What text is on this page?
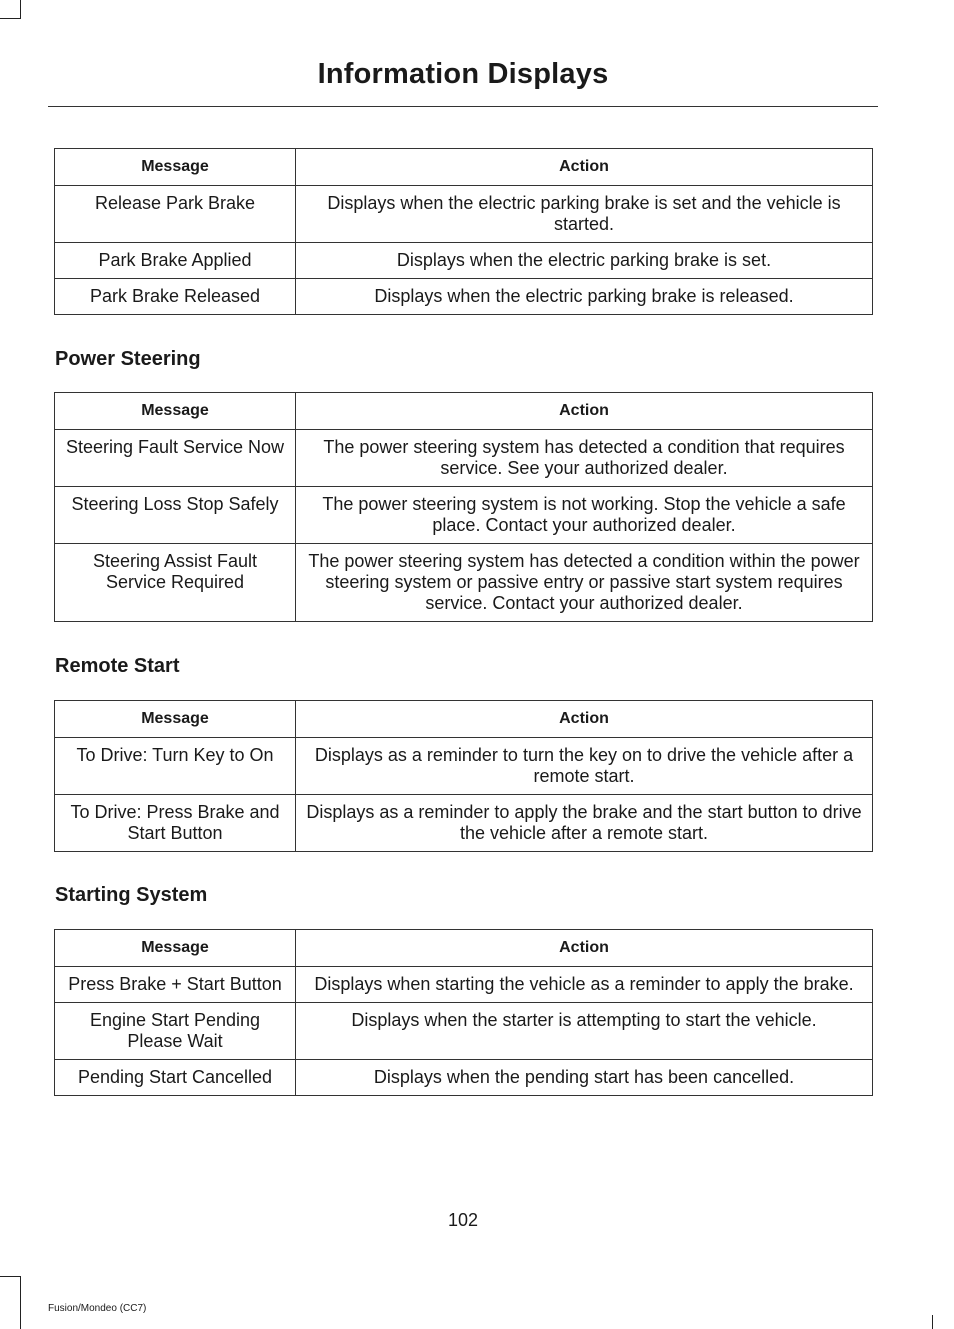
Information Displays
Message	Action
Release Park Brake	Displays when the electric parking brake is set and the vehicle is started.
Park Brake Applied	Displays when the electric parking brake is set.
Park Brake Released	Displays when the electric parking brake is released.
Power Steering
Message	Action
Steering Fault Service Now	The power steering system has detected a condition that requires service. See your authorized dealer.
Steering Loss Stop Safely	The power steering system is not working. Stop the vehicle a safe place. Contact your authorized dealer.
Steering Assist Fault Service Required	The power steering system has detected a condition within the power steering system or passive entry or passive start system requires service. Contact your authorized dealer.
Remote Start
Message	Action
To Drive: Turn Key to On	Displays as a reminder to turn the key on to drive the vehicle after a remote start.
To Drive: Press Brake and Start Button	Displays as a reminder to apply the brake and the start button to drive the vehicle after a remote start.
Starting System
Message	Action
Press Brake + Start Button	Displays when starting the vehicle as a reminder to apply the brake.
Engine Start Pending Please Wait	Displays when the starter is attempting to start the vehicle.
Pending Start Cancelled	Displays when the pending start has been cancelled.
102
Fusion/Mondeo (CC7)
